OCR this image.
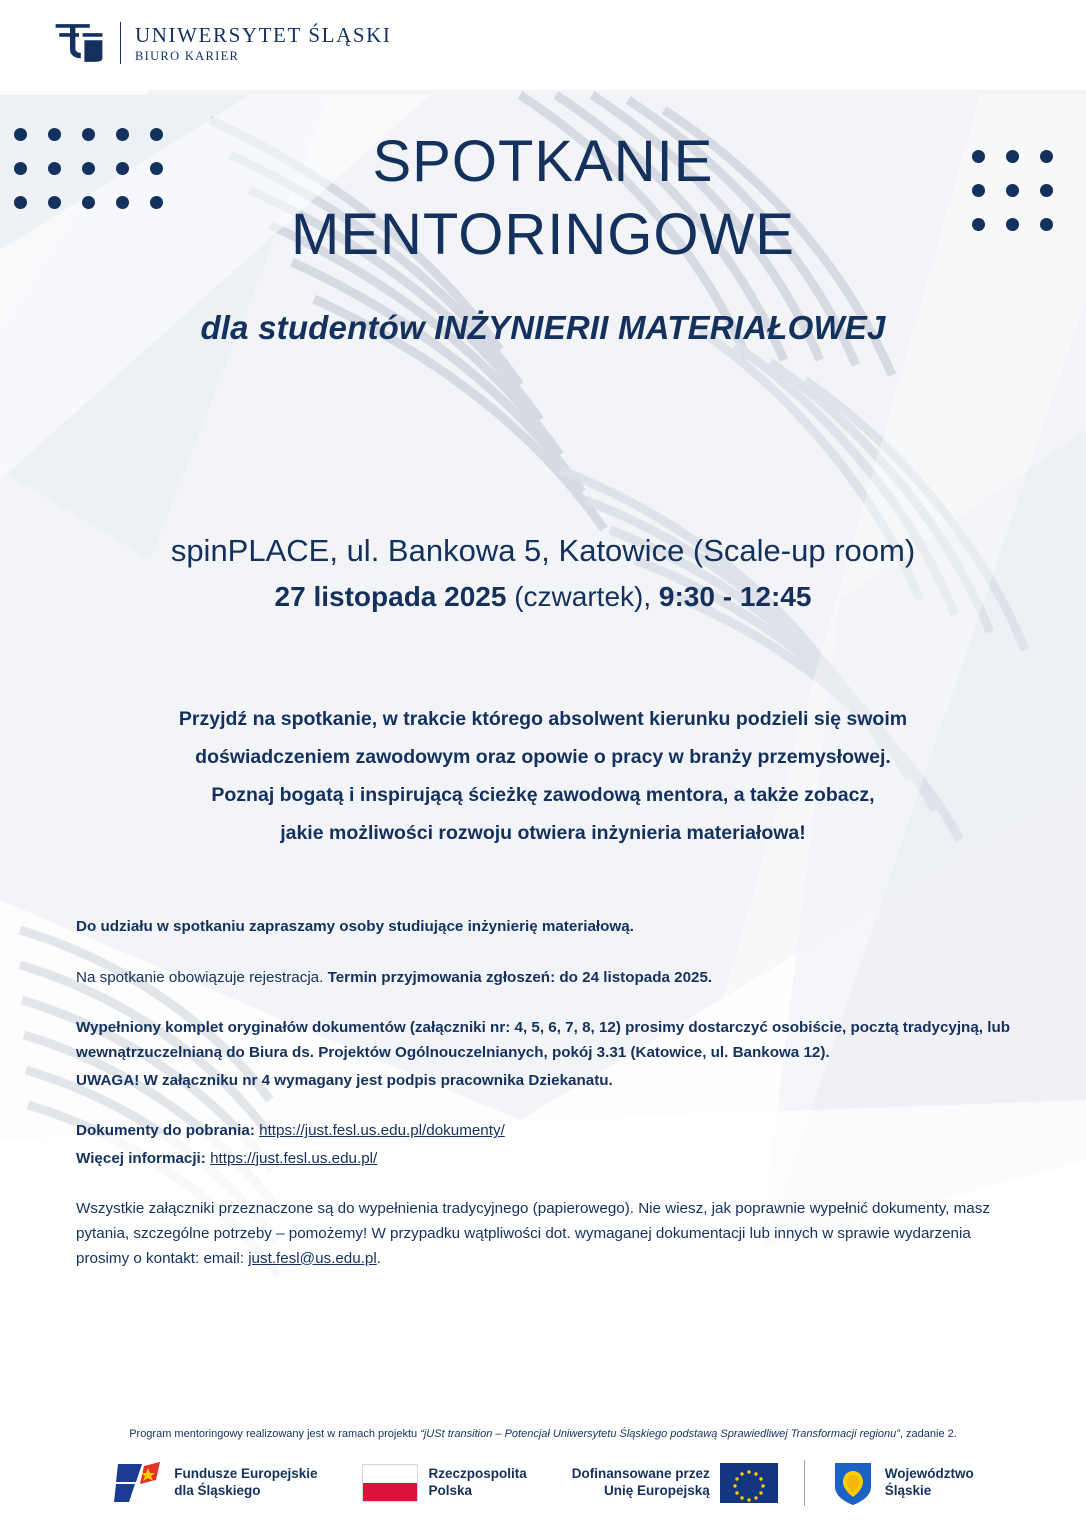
UNIWERSYTET ŚLĄSKI
BIURO KARIER
SPOTKANIE
MENTORINGOWE
dla studentów INŻYNIERII MATERIAŁOWEJ
spinPLACE, ul. Bankowa 5, Katowice (Scale-up room)
27 listopada 2025 (czwartek), 9:30 - 12:45
Przyjdź na spotkanie, w trakcie którego absolwent kierunku podzieli się swoim
doświadczeniem zawodowym oraz opowie o pracy w branży przemysłowej.
Poznaj bogatą i inspirującą ścieżkę zawodową mentora, a także zobacz,
jakie możliwości rozwoju otwiera inżynieria materiałowa!

Do udziału w spotkaniu zapraszamy osoby studiujące inżynierię materiałową.

Na spotkanie obowiązuje rejestracja. Termin przyjmowania zgłoszeń: do 24 listopada 2025.

Wypełniony komplet oryginałów dokumentów (załączniki nr: 4, 5, 6, 7, 8, 12) prosimy dostarczyć osobiście, pocztą tradycyjną, lub wewnątrzuczelnianą do Biura ds. Projektów Ogólnouczelnianych, pokój 3.31 (Katowice, ul. Bankowa 12).

UWAGA! W załączniku nr 4 wymagany jest podpis pracownika Dziekanatu.

Dokumenty do pobrania: https://just.fesl.us.edu.pl/dokumenty/

Więcej informacji: https://just.fesl.us.edu.pl/

Wszystkie załączniki przeznaczone są do wypełnienia tradycyjnego (papierowego). Nie wiesz, jak poprawnie wypełnić dokumenty, masz pytania, szczególne potrzeby – pomożemy! W przypadku wątpliwości dot. wymaganej dokumentacji lub innych w sprawie wydarzenia prosimy o kontakt: email: just.fesl@us.edu.pl.

Program mentoringowy realizowany jest w ramach projektu “jUSt transition – Potencjał Uniwersytetu Śląskiego podstawą Sprawiedliwej Transformacji regionu”, zadanie 2.
Fundusze Europejskie
dla Śląskiego
Rzeczpospolita
Polska
Dofinansowane przez
Unię Europejską
Województwo
Śląskie
